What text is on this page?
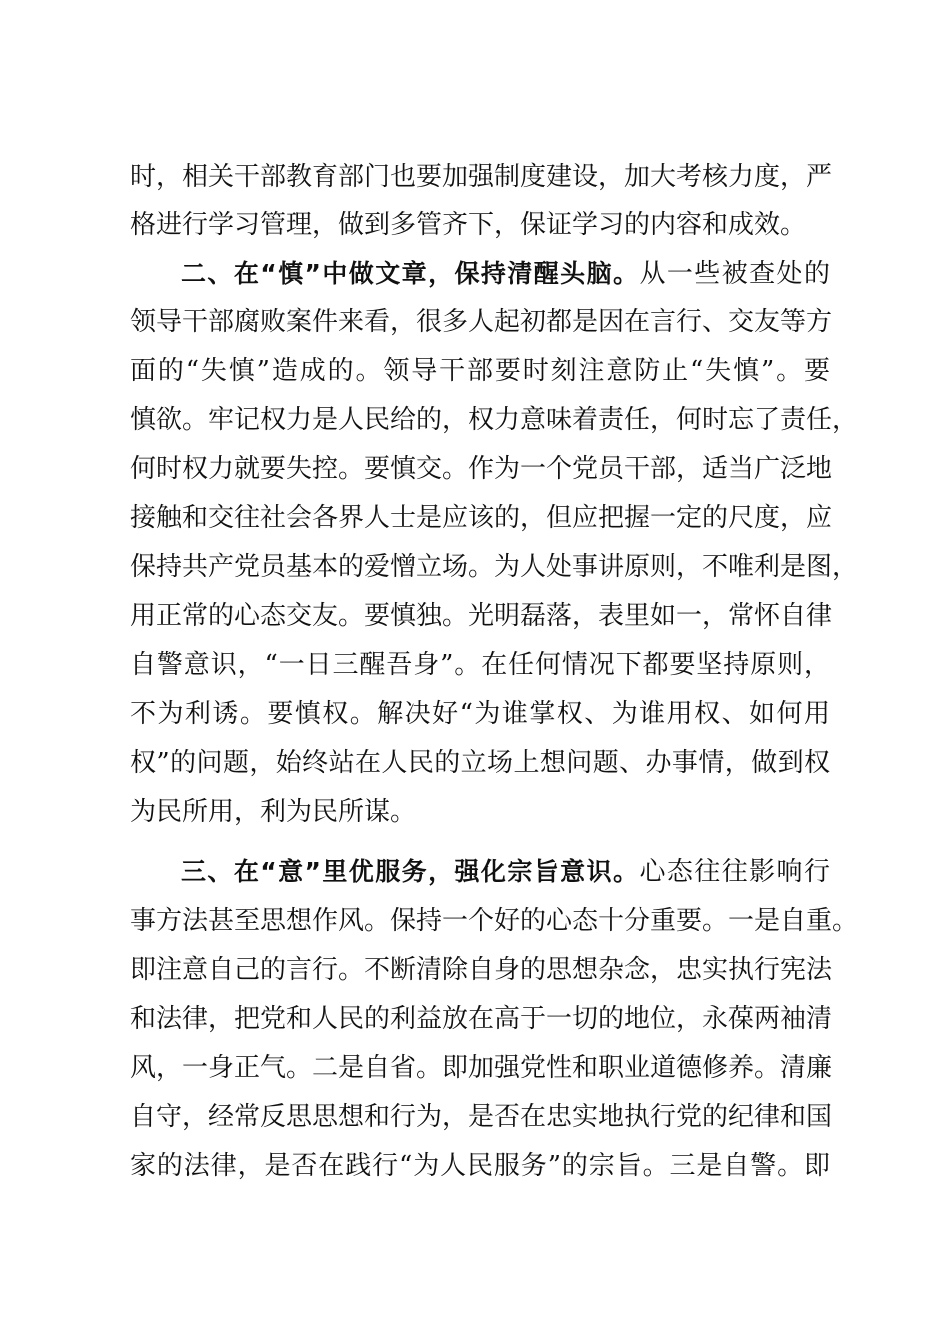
时，相关干部教育部门也要加强制度建设，加大考核力度，严
格进行学习管理，做到多管齐下，保证学习的内容和成效。
二、在“慎”中做文章，保持清醒头脑。从一些被查处的
领导干部腐败案件来看，很多人起初都是因在言行、交友等方
面的“失慎”造成的。领导干部要时刻注意防止“失慎”。要
慎欲。牢记权力是人民给的，权力意味着责任，何时忘了责任，
何时权力就要失控。要慎交。作为一个党员干部，适当广泛地
接触和交往社会各界人士是应该的，但应把握一定的尺度，应
保持共产党员基本的爱憎立场。为人处事讲原则，不唯利是图，
用正常的心态交友。要慎独。光明磊落，表里如一，常怀自律
自警意识，“一日三醒吾身”。在任何情况下都要坚持原则，
不为利诱。要慎权。解决好“为谁掌权、为谁用权、如何用
权”的问题，始终站在人民的立场上想问题、办事情，做到权
为民所用，利为民所谋。
三、在“意”里优服务，强化宗旨意识。心态往往影响行
事方法甚至思想作风。保持一个好的心态十分重要。一是自重。
即注意自己的言行。不断清除自身的思想杂念，忠实执行宪法
和法律，把党和人民的利益放在高于一切的地位，永葆两袖清
风，一身正气。二是自省。即加强党性和职业道德修养。清廉
自守，经常反思思想和行为，是否在忠实地执行党的纪律和国
家的法律，是否在践行“为人民服务”的宗旨。三是自警。即
